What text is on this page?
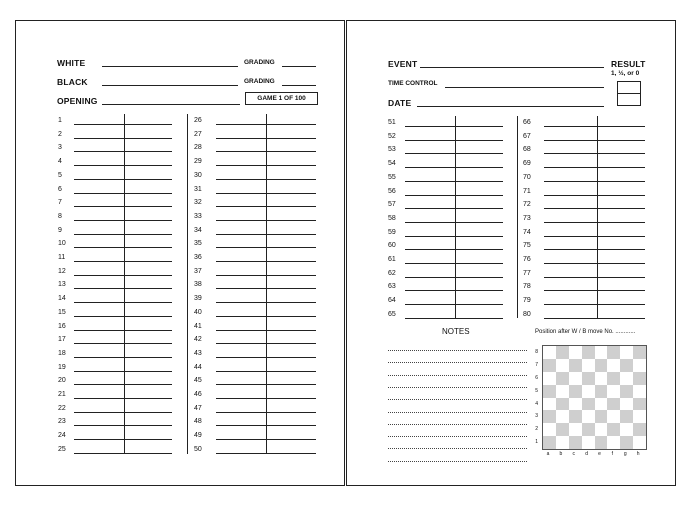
WHITE	GRADING
BLACK	GRADING
OPENING	GAME 1 OF 100
1
2
3
4
5
6
7
8
9
10
11
12
13
14
15
16
17
18
19
20
21
22
23
24
25
26
27
28
29
30
31
32
33
34
35
36
37
38
39
40
41
42
43
44
45
46
47
48
49
50
EVENT
TIME CONTROL
DATE
RESULT
1, ½, or 0
51
52
53
54
55
56
57
58
59
60
61
62
63
64
65
66
67
68
69
70
71
72
73
74
75
76
77
78
79
80
NOTES	Position after W / B move No. ............
8
7
6
5
4
3
2
1
a	b	c	d	e	f	g	h
